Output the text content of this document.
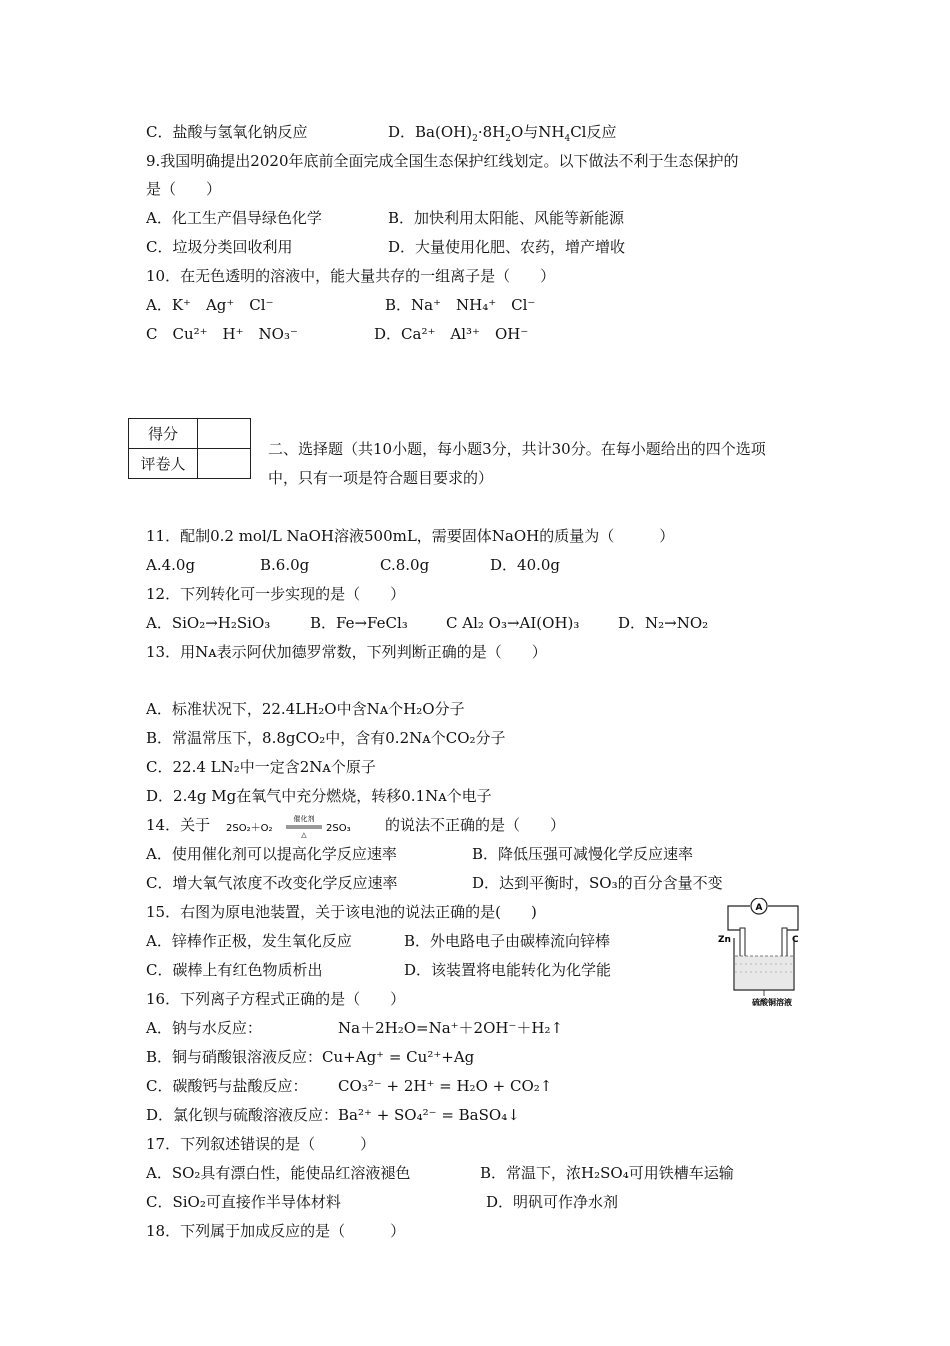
C．盐酸与氢氧化钠反应	D．$Ba(OH)_2\cdot 8H_2O$与$NH_4Cl$反应
9.我国明确提出2020年底前全面完成全国生态保护红线划定。以下做法不利于生态保护的
是（　　）
A．化工生产倡导绿色化学	B．加快利用太阳能、风能等新能源
C．垃圾分类回收利用	D．大量使用化肥、农药，增产增收
10．在无色透明的溶液中，能大量共存的一组离子是（　　）
A．K⁺　Ag⁺　Cl⁻	B．Na⁺　NH₄⁺　Cl⁻
C　Cu²⁺　H⁺　NO₃⁻	D．Ca²⁺　Al³⁺　OH⁻
得分	
评卷人	
二、选择题（共10小题，每小题3分，共计30分。在每小题给出的四个选项
中，只有一项是符合题目要求的）
11．配制0.2 mol/L NaOH溶液500mL，需要固体NaOH的质量为（　　　）
A.4.0g	B.6.0g	C.8.0g	D．40.0g
12．下列转化可一步实现的是（　　）
A．SiO₂→H₂SiO₃	B．Fe→FeCl₃	C Al₂ O₃→AI(OH)₃	D．N₂→NO₂
13．用Nᴀ表示阿伏加德罗常数，下列判断正确的是（　　）
A．标准状况下，22.4LH₂O中含Nᴀ个H₂O分子
B．常温常压下，8.8gCO₂中，含有0.2Nᴀ个CO₂分子
C．22.4 LN₂中一定含2Nᴀ个原子
D．2.4g Mg在氧气中充分燃烧，转移0.1Nᴀ个电子
14．关于 2SO₂＋O₂
催化剂
△
2SO₃ 的说法不正确的是（　　）
A．使用催化剂可以提高化学反应速率	B．降低压强可减慢化学反应速率
C．增大氧气浓度不改变化学反应速率	D．达到平衡时，SO₃的百分含量不变
15．右图为原电池装置，关于该电池的说法正确的是(　　)
A．锌棒作正极，发生氧化反应	B．外电路电子由碳棒流向锌棒
C．碳棒上有红色物质析出	D．该装置将电能转化为化学能
A
Zn	C
硫酸铜溶液
16．下列离子方程式正确的是（　　）
A．钠与水反应：	Na＋2H₂O=Na⁺＋2OH⁻＋H₂↑
B．铜与硝酸银溶液反应：Cu+Ag⁺ = Cu²⁺+Ag
C．碳酸钙与盐酸反应： CO₃²⁻ + 2H⁺ = H₂O + CO₂↑
D．氯化钡与硫酸溶液反应：Ba²⁺ + SO₄²⁻ = BaSO₄↓
17．下列叙述错误的是（　　　）
A．SO₂具有漂白性，能使品红溶液褪色	B．常温下，浓H₂SO₄可用铁槽车运输
C．SiO₂可直接作半导体材料	D．明矾可作净水剂
18．下列属于加成反应的是（　　　）
